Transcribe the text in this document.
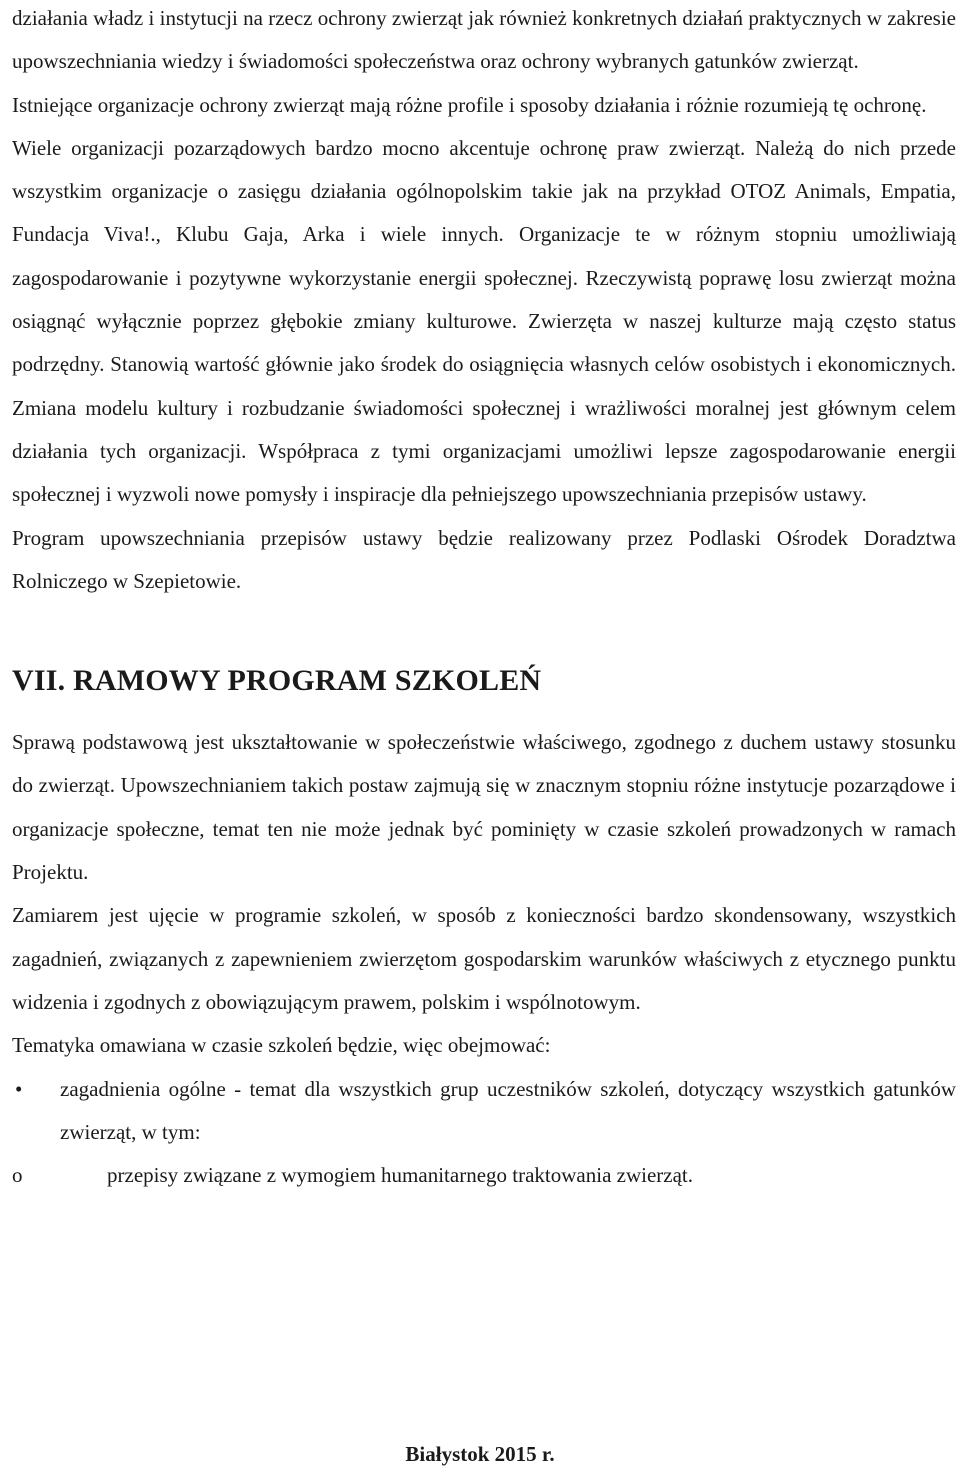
działania władz i instytucji na rzecz ochrony zwierząt jak również konkretnych działań praktycznych w zakresie upowszechniania wiedzy i świadomości społeczeństwa oraz ochrony wybranych gatunków zwierząt.

Istniejące organizacje ochrony zwierząt mają różne profile i sposoby działania i różnie rozumieją tę ochronę.

Wiele organizacji pozarządowych bardzo mocno akcentuje ochronę praw zwierząt. Należą do nich przede wszystkim organizacje o zasięgu działania ogólnopolskim takie jak na przykład OTOZ Animals, Empatia, Fundacja Viva!., Klubu Gaja, Arka i wiele innych. Organizacje te w różnym stopniu umożliwiają zagospodarowanie i pozytywne wykorzystanie energii społecznej. Rzeczywistą poprawę losu zwierząt można osiągnąć wyłącznie poprzez głębokie zmiany kulturowe. Zwierzęta w naszej kulturze mają często status podrzędny. Stanowią wartość głównie jako środek do osiągnięcia własnych celów osobistych i ekonomicznych. Zmiana modelu kultury i rozbudzanie świadomości społecznej i wrażliwości moralnej jest głównym celem działania tych organizacji. Współpraca z tymi organizacjami umożliwi lepsze zagospodarowanie energii społecznej i wyzwoli nowe pomysły i inspiracje dla pełniejszego upowszechniania przepisów ustawy.

Program upowszechniania przepisów ustawy będzie realizowany przez Podlaski Ośrodek Doradztwa Rolniczego w Szepietowie.

VII. RAMOWY PROGRAM SZKOLEŃ

Sprawą podstawową jest ukształtowanie w społeczeństwie właściwego, zgodnego z duchem ustawy stosunku do zwierząt. Upowszechnianiem takich postaw zajmują się w znacznym stopniu różne instytucje pozarządowe i organizacje społeczne, temat ten nie może jednak być pominięty w czasie szkoleń prowadzonych w ramach Projektu.

Zamiarem jest ujęcie w programie szkoleń, w sposób z konieczności bardzo skondensowany, wszystkich zagadnień, związanych z zapewnieniem zwierzętom gospodarskim warunków właściwych z etycznego punktu widzenia i zgodnych z obowiązującym prawem, polskim i wspólnotowym.

Tematyka omawiana w czasie szkoleń będzie, więc obejmować:

• zagadnienia ogólne - temat dla wszystkich grup uczestników szkoleń, dotyczący wszystkich gatunków zwierząt, w tym:
o	przepisy związane z wymogiem humanitarnego traktowania zwierząt.
Białystok 2015 r.
